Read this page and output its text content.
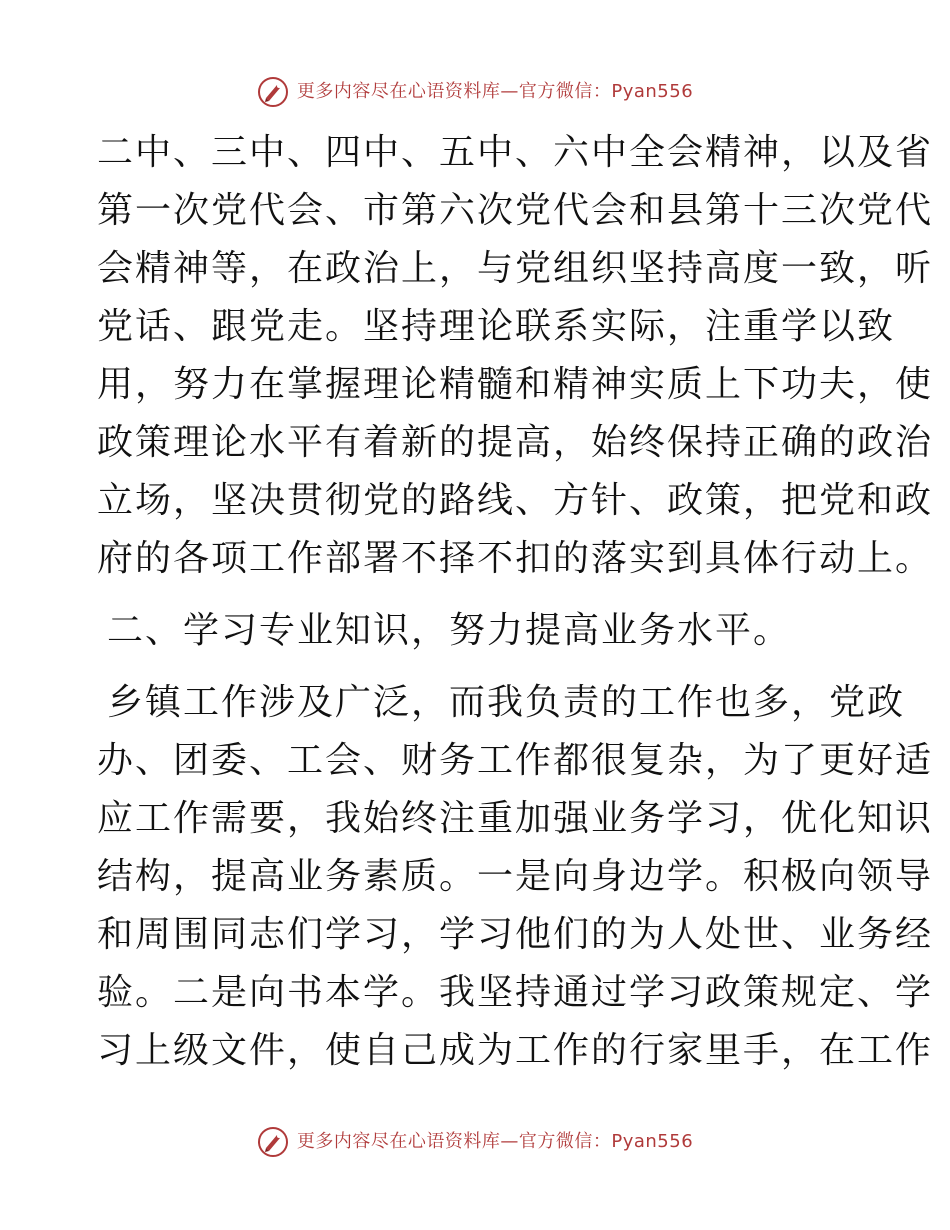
更多内容尽在心语资料库—官方微信：Pyan556
二中、三中、四中、五中、六中全会精神，以及省
第一次党代会、市第六次党代会和县第十三次党代
会精神等，在政治上，与党组织坚持高度一致，听
党话、跟党走。坚持理论联系实际，注重学以致
用，努力在掌握理论精髓和精神实质上下功夫，使
政策理论水平有着新的提高，始终保持正确的政治
立场，坚决贯彻党的路线、方针、政策，把党和政
府的各项工作部署不择不扣的落实到具体行动上。
二、学习专业知识，努力提高业务水平。
乡镇工作涉及广泛，而我负责的工作也多，党政
办、团委、工会、财务工作都很复杂，为了更好适
应工作需要，我始终注重加强业务学习，优化知识
结构，提高业务素质。一是向身边学。积极向领导
和周围同志们学习，学习他们的为人处世、业务经
验。二是向书本学。我坚持通过学习政策规定、学
习上级文件，使自己成为工作的行家里手，在工作
更多内容尽在心语资料库—官方微信：Pyan556
